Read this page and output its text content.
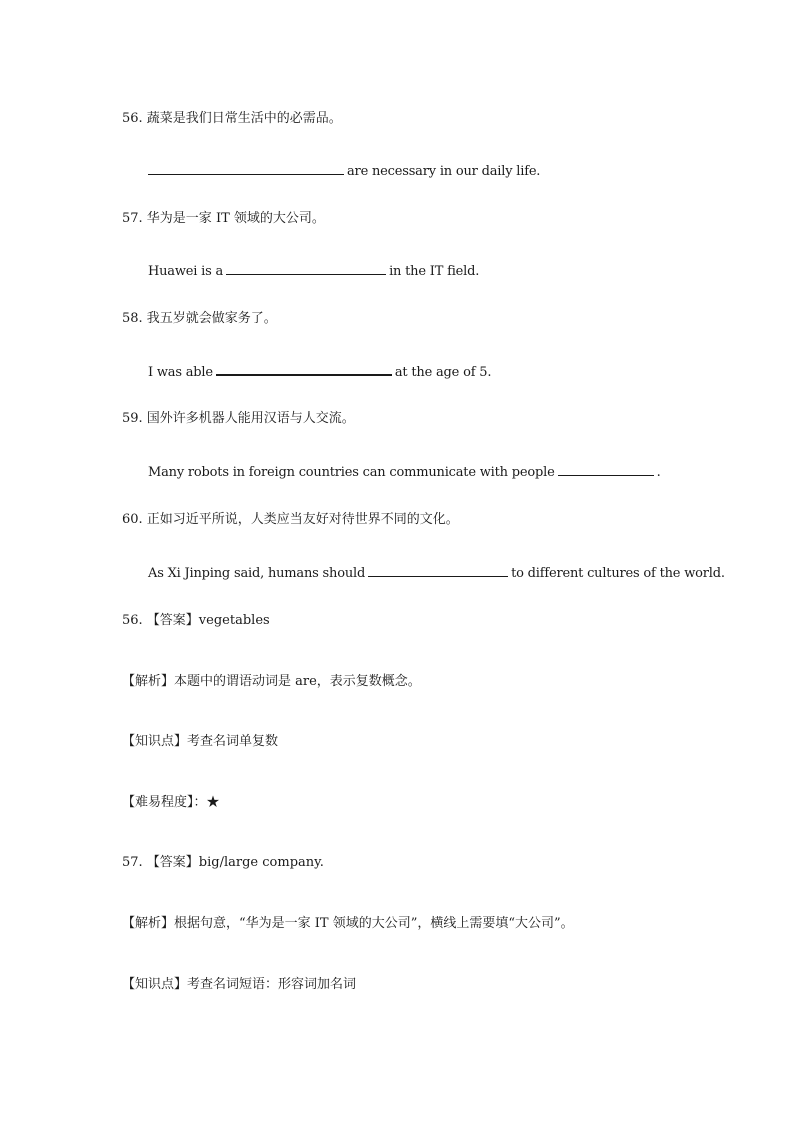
56. 蔬菜是我们日常生活中的必需品。
are necessary in our daily life.
57. 华为是一家 IT 领域的大公司。
Huawei is a	in the IT field.
58. 我五岁就会做家务了。
I was able	at the age of 5.
59. 国外许多机器人能用汉语与人交流。
Many robots in foreign countries can communicate with people	.
60. 正如习近平所说，人类应当友好对待世界不同的文化。
As Xi Jinping said, humans should	to different cultures of the world.
56. 【答案】vegetables
【解析】本题中的谓语动词是 are，表示复数概念。
【知识点】考查名词单复数
【难易程度】：★
57. 【答案】big/large company.
【解析】根据句意，“华为是一家 IT 领域的大公司”，横线上需要填“大公司”。
【知识点】考查名词短语：形容词加名词
